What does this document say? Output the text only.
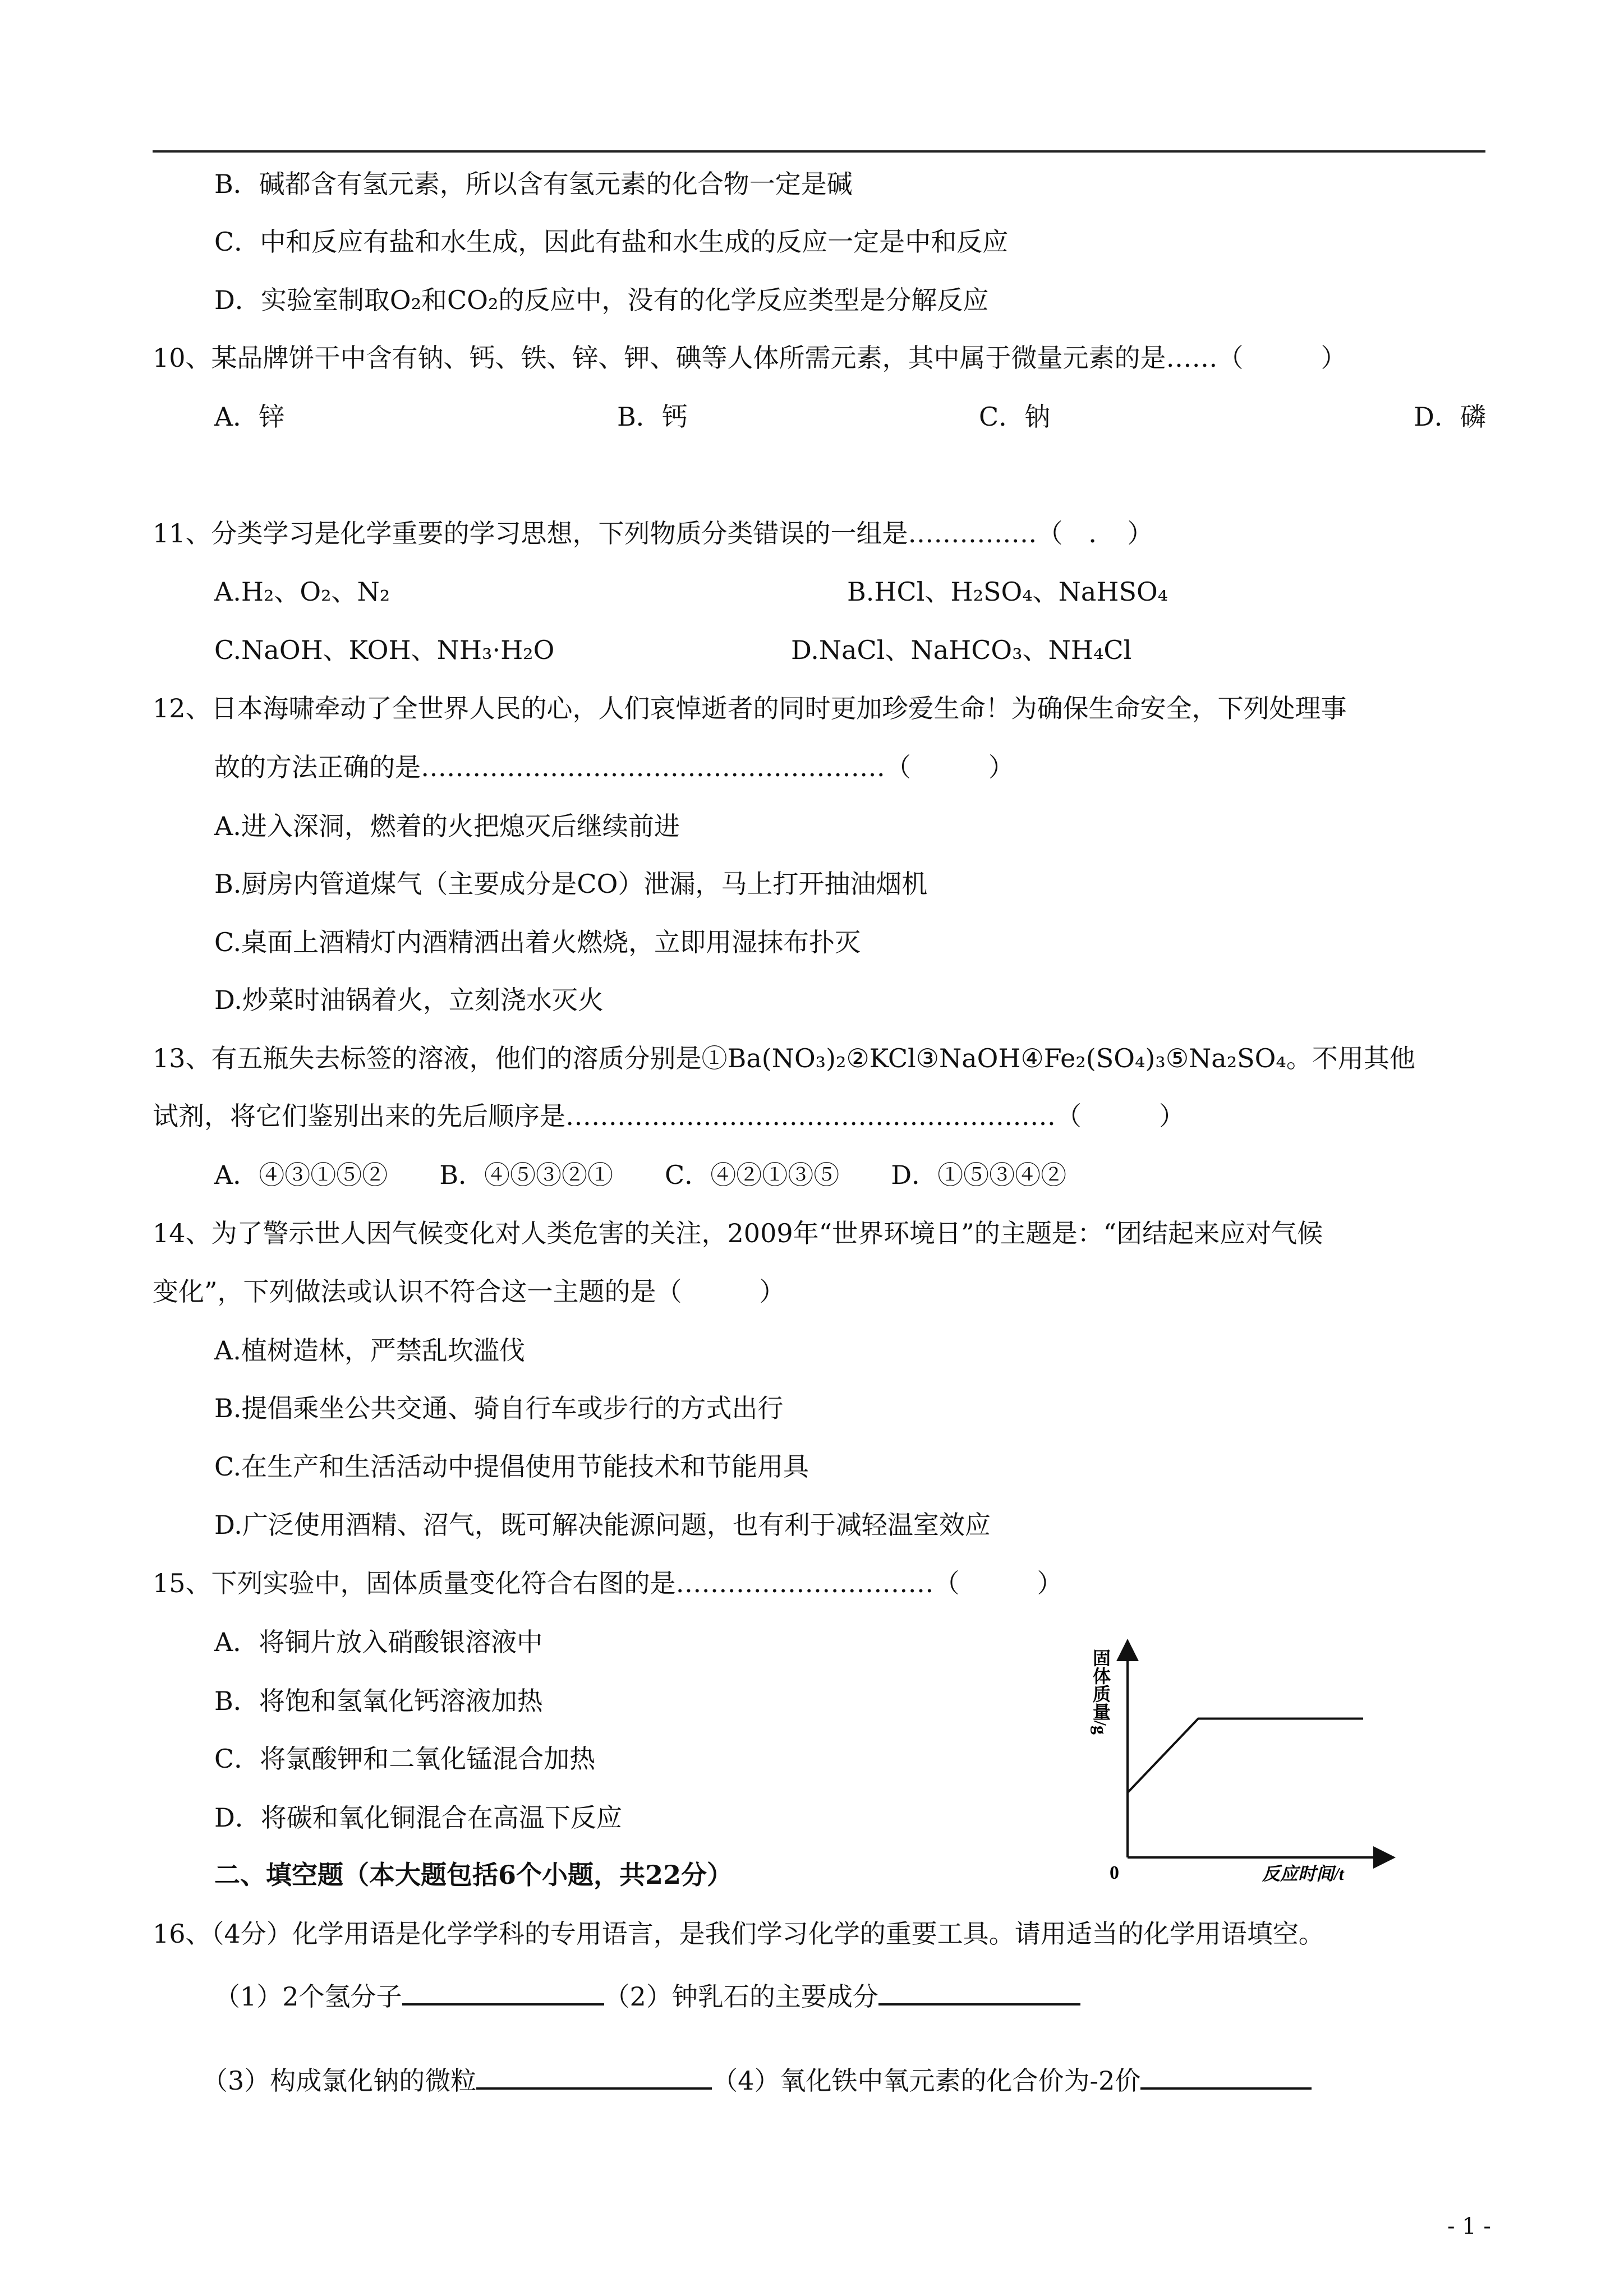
B．碱都含有氢元素，所以含有氢元素的化合物一定是碱
C．中和反应有盐和水生成，因此有盐和水生成的反应一定是中和反应
D．实验室制取O₂和CO₂的反应中，没有的化学反应类型是分解反应
10、某品牌饼干中含有钠、钙、铁、锌、钾、碘等人体所需元素，其中属于微量元素的是……（　　　）
A．锌	B．钙	C．钠	D．磷
11、分类学习是化学重要的学习思想，下列物质分类错误的一组是……………（　．　）
A.H₂、O₂、N₂	B.HCl、H₂SO₄、NaHSO₄
C.NaOH、KOH、NH₃·H₂O	D.NaCl、NaHCO₃、NH₄Cl
12、日本海啸牵动了全世界人民的心，人们哀悼逝者的同时更加珍爱生命！为确保生命安全，下列处理事
故的方法正确的是………………………………………………（　　　）
A.进入深洞，燃着的火把熄灭后继续前进
B.厨房内管道煤气（主要成分是CO）泄漏，马上打开抽油烟机
C.桌面上酒精灯内酒精洒出着火燃烧，立即用湿抹布扑灭
D.炒菜时油锅着火，立刻浇水灭火
13、有五瓶失去标签的溶液，他们的溶质分别是①Ba(NO₃)₂②KCl③NaOH④Fe₂(SO₄)₃⑤Na₂SO₄。不用其他
试剂，将它们鉴别出来的先后顺序是…………………………………………………（　　　）
A．④③①⑤②　　B．④⑤③②①　　C．④②①③⑤　　D．①⑤③④②
14、为了警示世人因气候变化对人类危害的关注，2009年“世界环境日”的主题是：“团结起来应对气候
变化”，下列做法或认识不符合这一主题的是（　　　）
A.植树造林，严禁乱坎滥伐
B.提倡乘坐公共交通、骑自行车或步行的方式出行
C.在生产和生活活动中提倡使用节能技术和节能用具
D.广泛使用酒精、沼气，既可解决能源问题，也有利于减轻温室效应
15、下列实验中，固体质量变化符合右图的是…………………………（　　　）
A．将铜片放入硝酸银溶液中
B．将饱和氢氧化钙溶液加热
C．将氯酸钾和二氧化锰混合加热
D．将碳和氧化铜混合在高温下反应
二、填空题（本大题包括6个小题，共22分）
16、（4分）化学用语是化学学科的专用语言，是我们学习化学的重要工具。请用适当的化学用语填空。
（1）2个氢分子	（2）钟乳石的主要成分
（3）构成氯化钠的微粒	（4）氧化铁中氧元素的化合价为-2价
- 1 -
固体质量/g
0	反应时间/t
